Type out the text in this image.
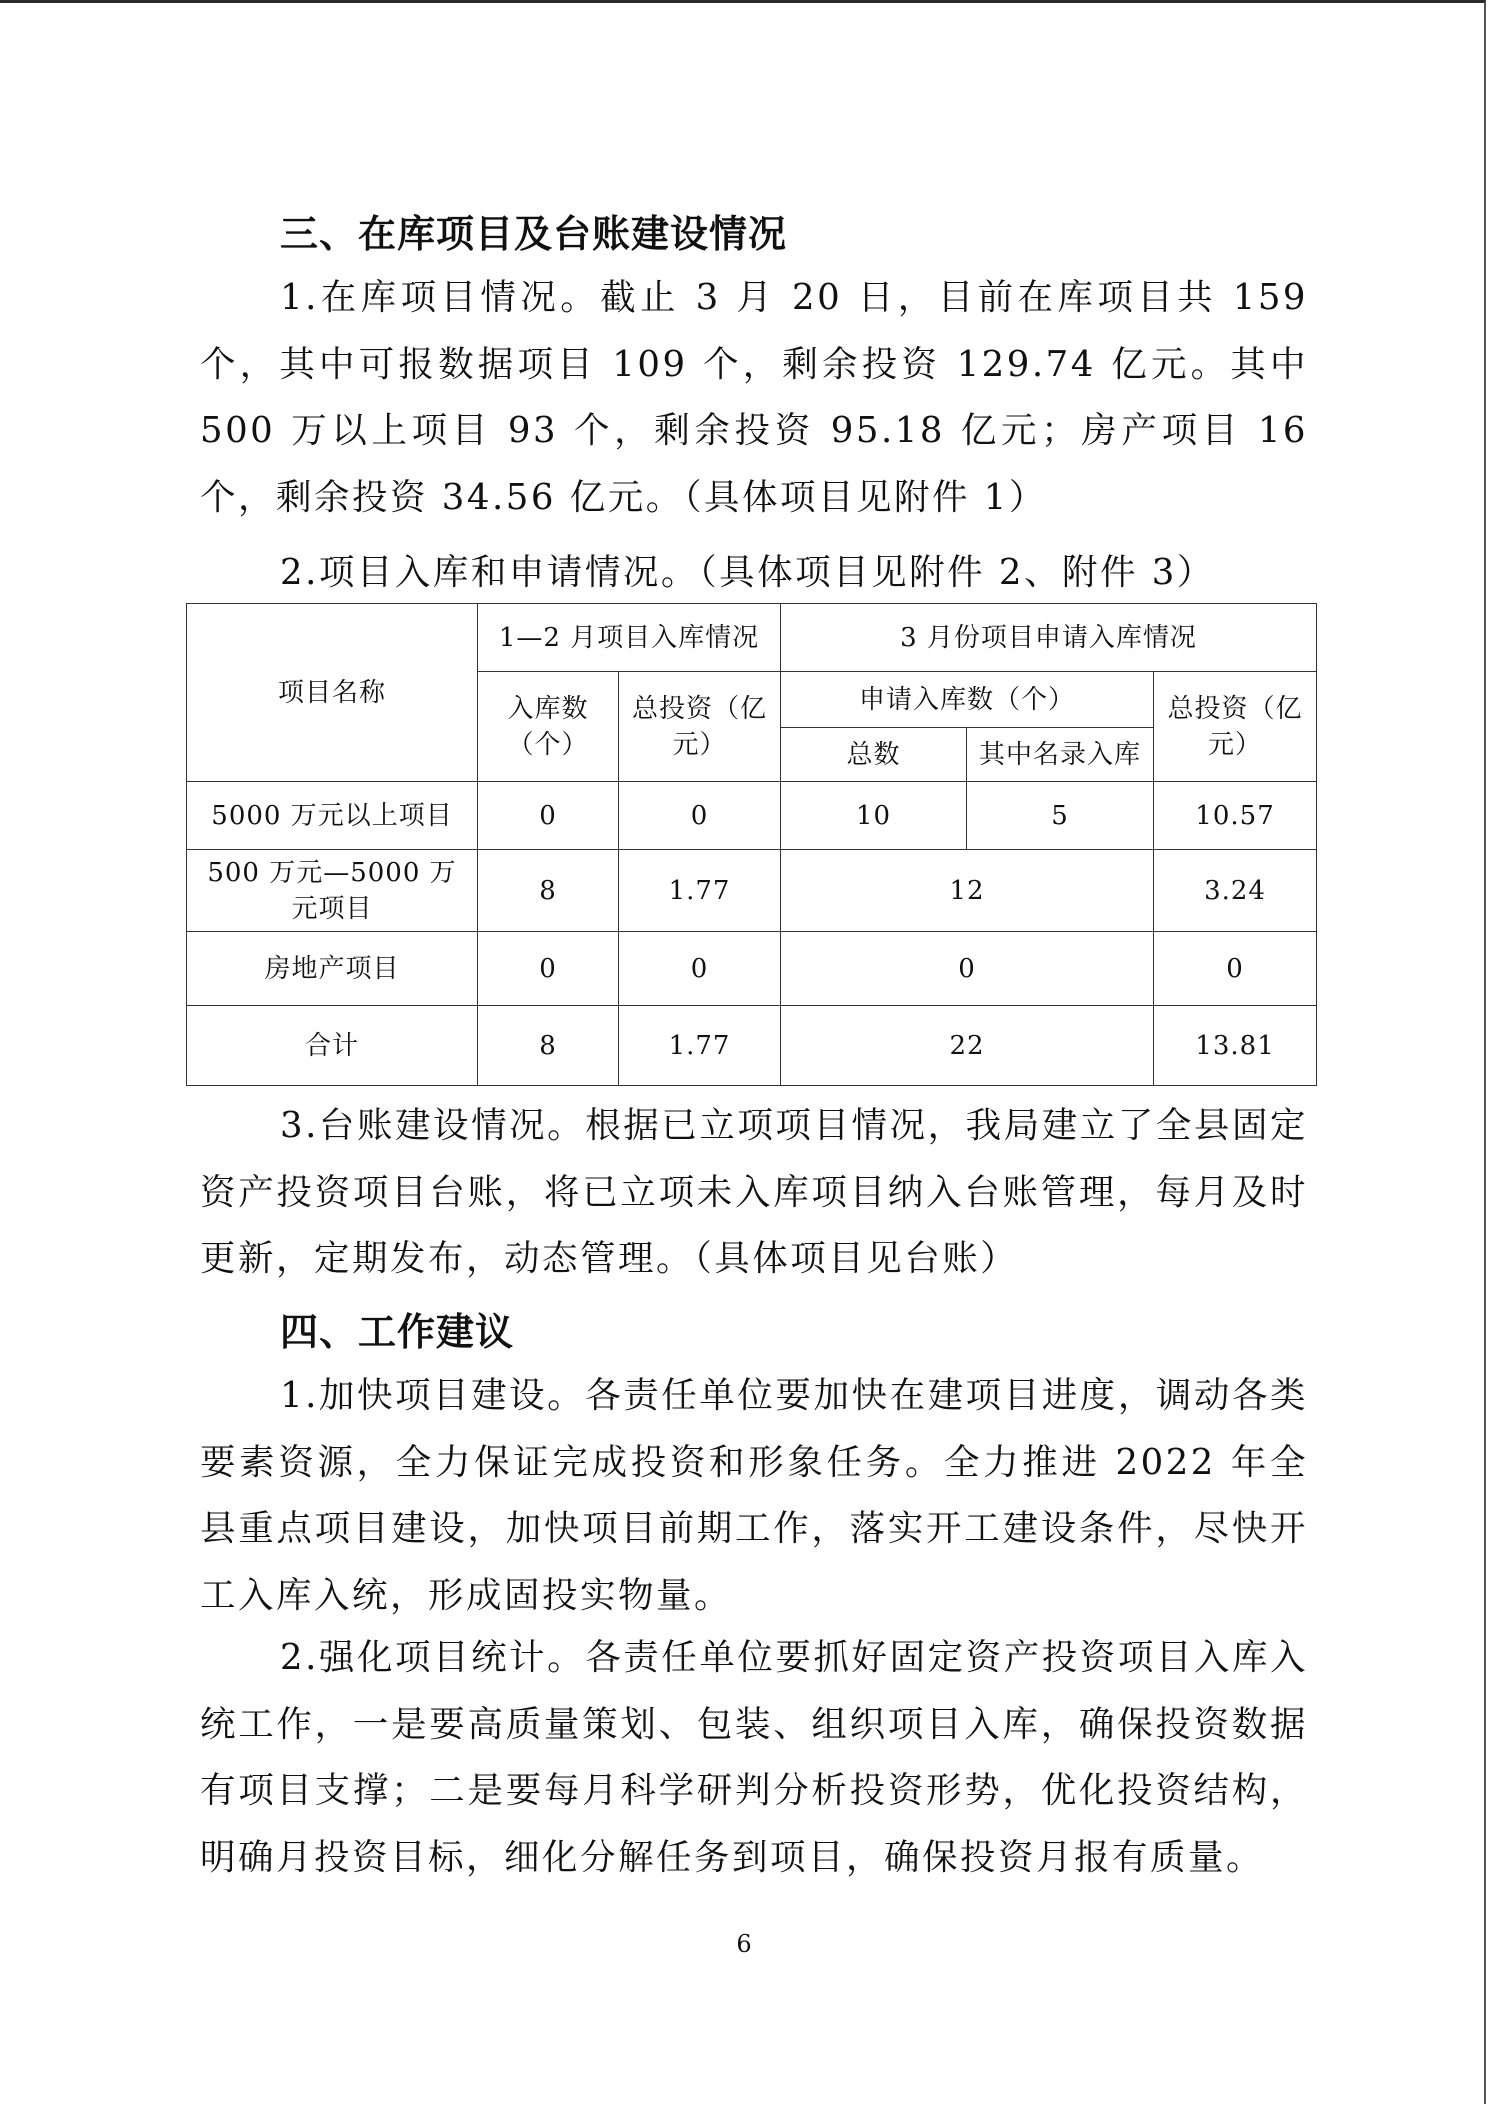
三、在库项目及台账建设情况
1.在库项目情况。截止 3 月 20 日，目前在库项目共 159 个，其中可报数据项目 109 个，剩余投资 129.74 亿元。其中 500 万以上项目 93 个，剩余投资 95.18 亿元；房产项目 16 个，剩余投资 34.56 亿元。（具体项目见附件 1）
2.项目入库和申请情况。（具体项目见附件 2、附件 3）
项目名称	1—2 月项目入库情况		3 月份项目申请入库情况		
	入库数（个）	总投资（亿元）	申请入库数（个）		总投资（亿元）
			总数	其中名录入库	
5000 万元以上项目	0	0	10	5	10.57
500 万元—5000 万元项目	8	1.77	12		3.24
房地产项目	0	0	0		0
合计	8	1.77	22		13.81
3.台账建设情况。根据已立项项目情况，我局建立了全县固定资产投资项目台账，将已立项未入库项目纳入台账管理，每月及时更新，定期发布，动态管理。（具体项目见台账）
四、工作建议
1.加快项目建设。各责任单位要加快在建项目进度，调动各类要素资源，全力保证完成投资和形象任务。全力推进 2022 年全县重点项目建设，加快项目前期工作，落实开工建设条件，尽快开工入库入统，形成固投实物量。
2.强化项目统计。各责任单位要抓好固定资产投资项目入库入统工作，一是要高质量策划、包装、组织项目入库，确保投资数据有项目支撑；二是要每月科学研判分析投资形势，优化投资结构，明确月投资目标，细化分解任务到项目，确保投资月报有质量。
6
